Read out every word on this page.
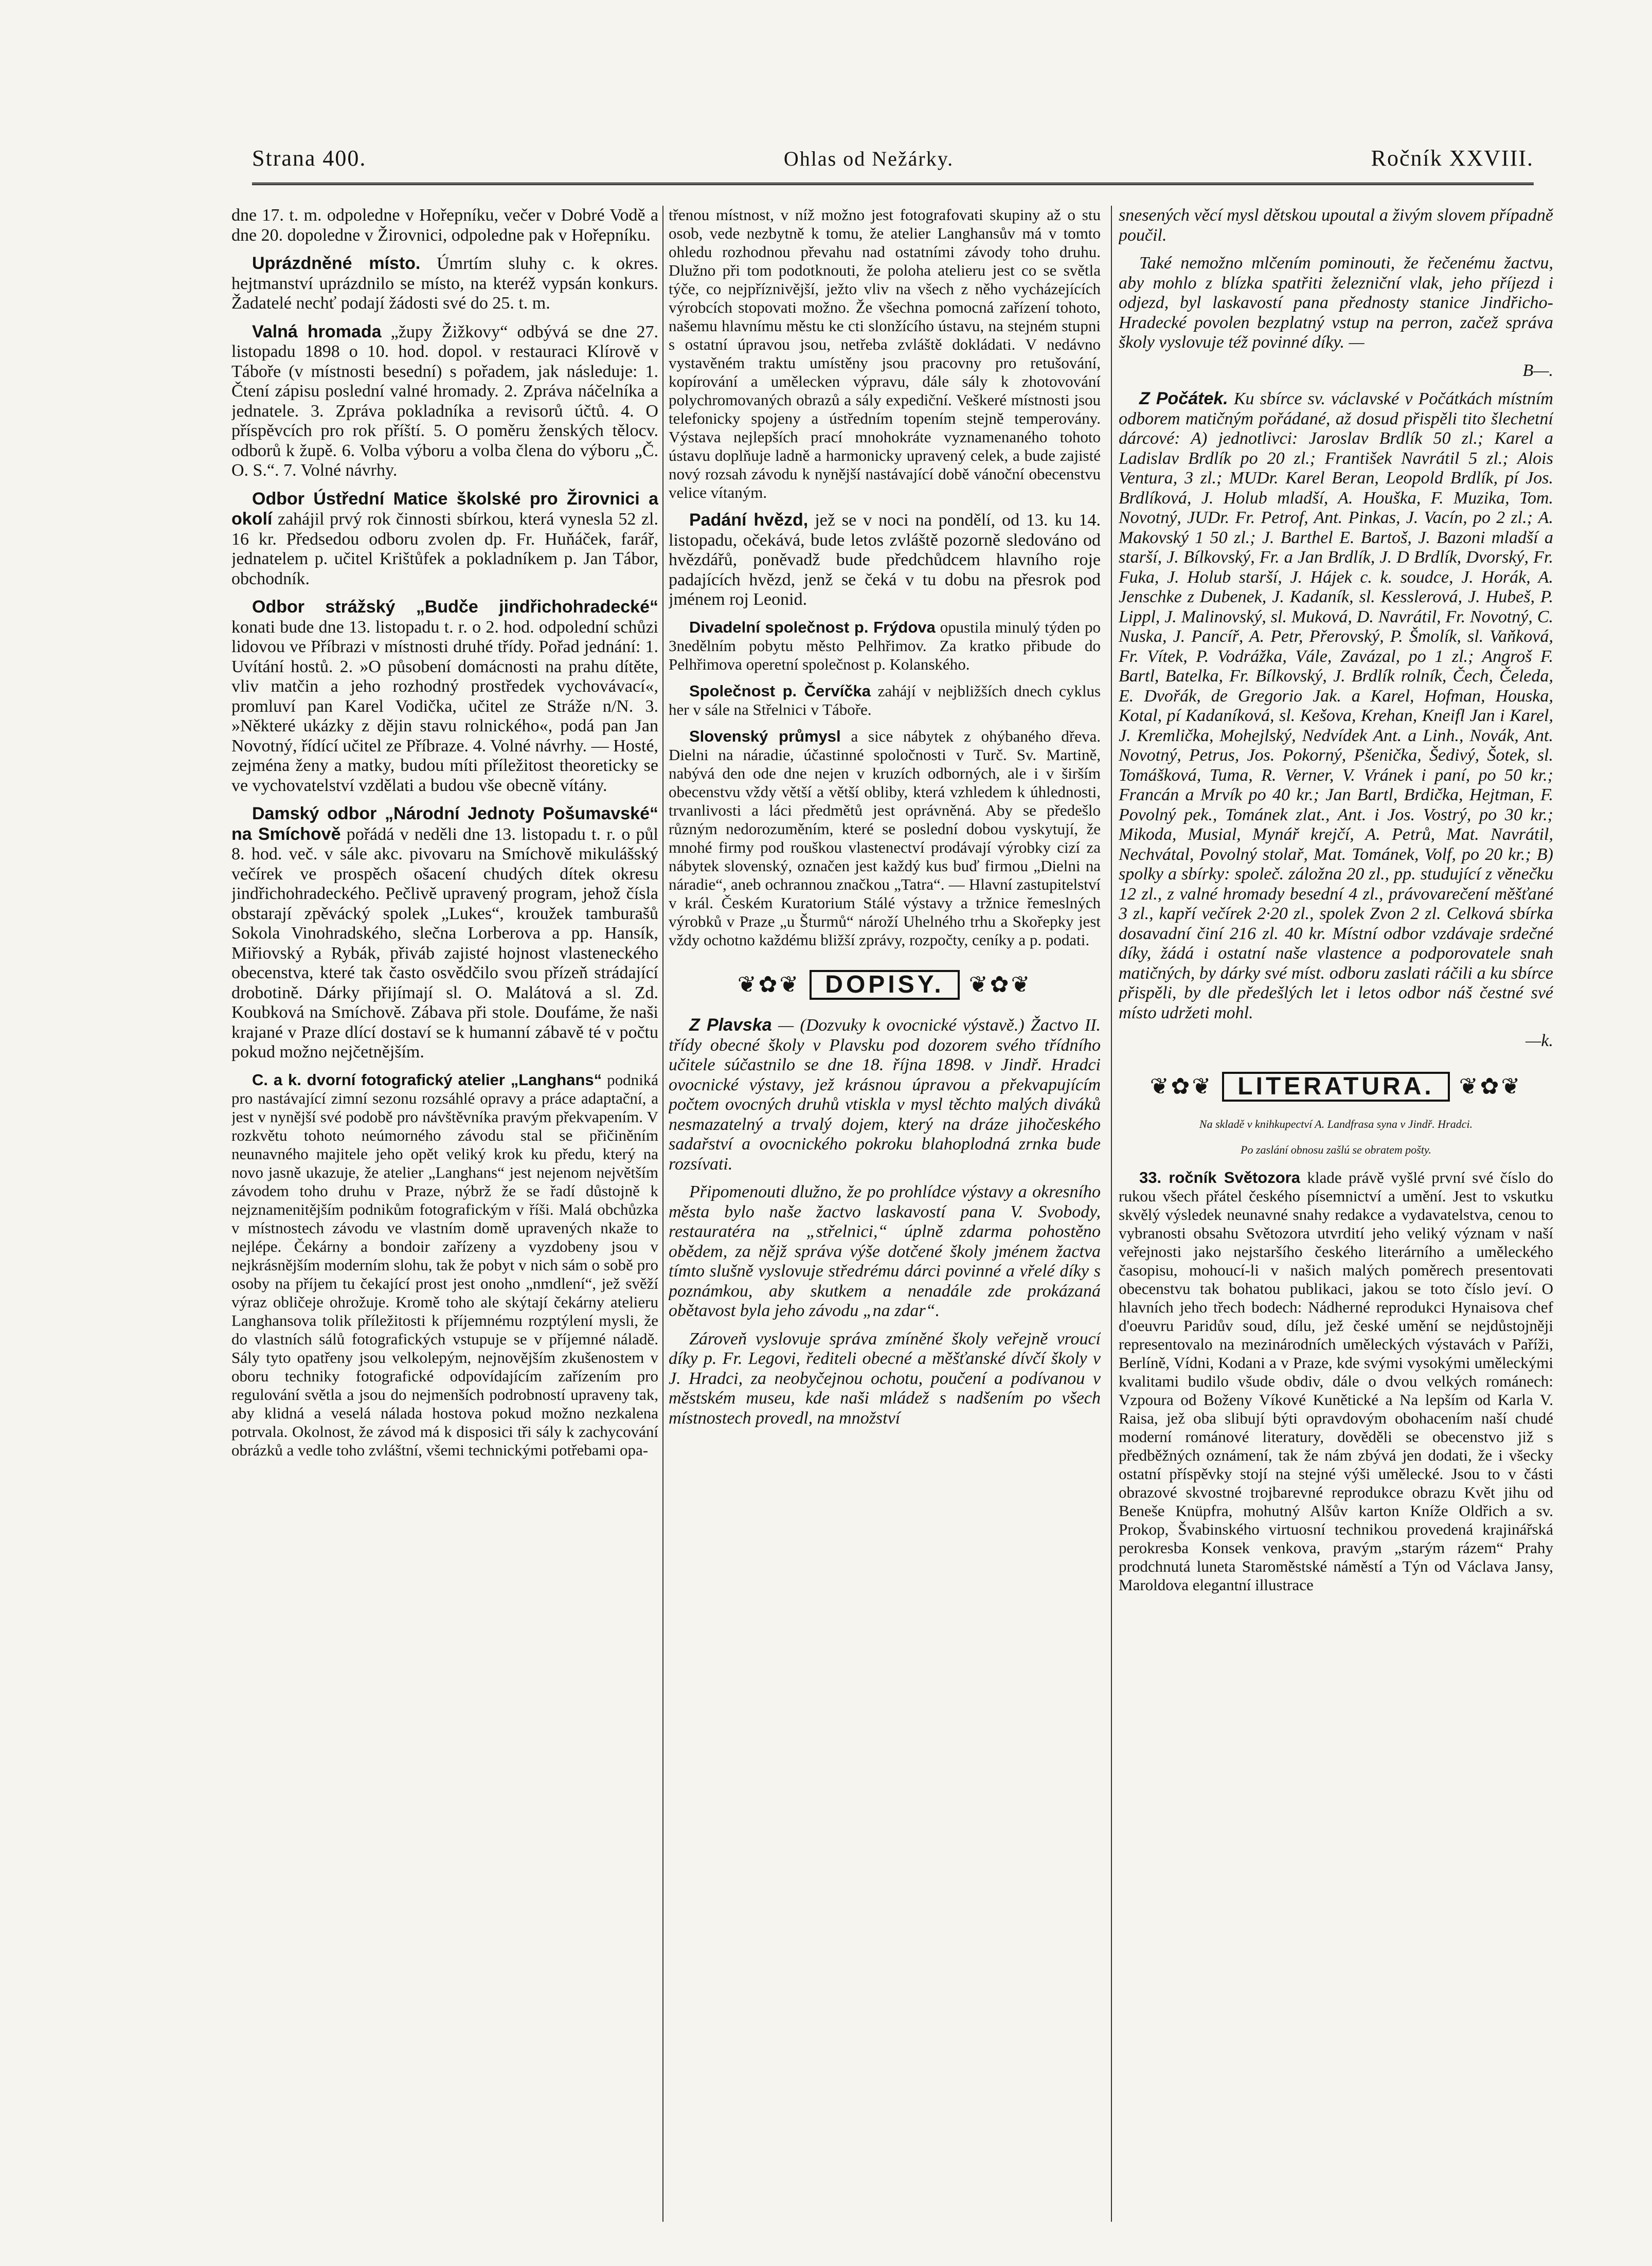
Strana 400.	Ohlas od Nežárky.	Ročník XXVIII.

dne 17. t. m. odpoledne v Hořepníku, večer v Dobré Vodě a dne 20. dopoledne v Žirovnici, odpoledne pak v Hořepníku.

Uprázdněné místo. Úmrtím sluhy c. k okres. hejtmanství uprázdnilo se místo, na kteréž vypsán konkurs. Žadatelé nechť podají žádosti své do 25. t. m.

Valná hromada „župy Žižkovy“ odbývá se dne 27. listopadu 1898 o 10. hod. dopol. v restauraci Klírově v Táboře (v místnosti besední) s pořadem, jak následuje: 1. Čtení zápisu poslední valné hromady. 2. Zpráva náčelníka a jednatele. 3. Zpráva pokladníka a revisorů účtů. 4. O příspěvcích pro rok příští. 5. O poměru ženských tělocv. odborů k župě. 6. Volba výboru a volba člena do výboru „Č. O. S.“. 7. Volné návrhy.

Odbor Ústřední Matice školské pro Žirovnici a okolí zahájil prvý rok činnosti sbírkou, která vynesla 52 zl. 16 kr. Předsedou odboru zvolen dp. Fr. Huňáček, farář, jednatelem p. učitel Krištůfek a pokladníkem p. Jan Tábor, obchodník.

Odbor strážský „Budče jindřichohradecké“ konati bude dne 13. listopadu t. r. o 2. hod. odpolední schůzi lidovou ve Příbrazi v místnosti druhé třídy. Pořad jednání: 1. Uvítání hostů. 2. »O působení domácnosti na prahu dítěte, vliv matčin a jeho rozhodný prostředek vychovávací«, promluví pan Karel Vodička, učitel ze Stráže n/N. 3. »Některé ukázky z dějin stavu rolnického«, podá pan Jan Novotný, řídící učitel ze Příbraze. 4. Volné návrhy. — Hosté, zejména ženy a matky, budou míti příležitost theoreticky se ve vychovatelství vzdělati a budou vše obecně vítány.

Damský odbor „Národní Jednoty Pošumavské“ na Smíchově pořádá v neděli dne 13. listopadu t. r. o půl 8. hod. več. v sále akc. pivovaru na Smíchově mikulášský večírek ve prospěch ošacení chudých dítek okresu jindřichohradeckého. Pečlivě upravený program, jehož čísla obstarají zpěvácký spolek „Lukes“, kroužek tamburašů Sokola Vinohradského, slečna Lorberova a pp. Hansík, Miřiovský a Rybák, přiváb zajisté hojnost vlasteneckého obecenstva, které tak často osvědčilo svou přízeň strádající drobotině. Dárky přijímají sl. O. Malátová a sl. Zd. Koubková na Smíchově. Zábava při stole. Doufáme, že naši krajané v Praze dlící dostaví se k humanní zábavě té v počtu pokud možno nejčetnějším.

C. a k. dvorní fotografický atelier „Langhans“ podniká pro nastávající zimní sezonu rozsáhlé opravy a práce adaptační, a jest v nynější své podobě pro návštěvníka pravým překvapením. V rozkvětu tohoto neúmorného závodu stal se přičiněním neunavného majitele jeho opět veliký krok ku předu, který na novo jasně ukazuje, že atelier „Langhans“ jest nejenom největším závodem toho druhu v Praze, nýbrž že se řadí důstojně k nejznamenitějším podnikům fotografickým v říši. Malá obchůzka v místnostech závodu ve vlastním domě upravených nkaže to nejlépe. Čekárny a bondoir zařízeny a vyzdobeny jsou v nejkrásnějším moderním slohu, tak že pobyt v nich sám o sobě pro osoby na příjem tu čekající prost jest onoho „nmdlení“, jež svěží výraz obličeje ohrožuje. Kromě toho ale skýtají čekárny atelieru Langhansova tolik příležitosti k příjemnému rozptýlení mysli, že do vlastních sálů fotografických vstupuje se v příjemné náladě. Sály tyto opatřeny jsou velkolepým, nejnovějším zkušenostem v oboru techniky fotografické odpovídajícím zařízením pro regulování světla a jsou do nejmenších podrobností upraveny tak, aby klidná a veselá nálada hostova pokud možno nezkalena potrvala. Okolnost, že závod má k disposici tři sály k zachycování obrázků a vedle toho zvláštní, všemi technickými potřebami opa-

třenou místnost, v níž možno jest fotografovati skupiny až o stu osob, vede nezbytně k tomu, že atelier Langhansův má v tomto ohledu rozhodnou převahu nad ostatními závody toho druhu. Dlužno při tom podotknouti, že poloha atelieru jest co se světla týče, co nejpříznivější, ježto vliv na všech z něho vycházejících výrobcích stopovati možno. Že všechna pomocná zařízení tohoto, našemu hlavnímu městu ke cti slonžícího ústavu, na stejném stupni s ostatní úpravou jsou, netřeba zvláště dokládati. V nedávno vystavěném traktu umístěny jsou pracovny pro retušování, kopírování a umělecken výpravu, dále sály k zhotovování polychromovaných obrazů a sály expediční. Veškeré místnosti jsou telefonicky spojeny a ústředním topením stejně temperovány. Výstava nejlepších prací mnohokráte vyznamenaného tohoto ústavu doplňuje ladně a harmonicky upravený celek, a bude zajisté nový rozsah závodu k nynější nastávající době vánoční obecenstvu velice vítaným.

Padání hvězd, jež se v noci na pondělí, od 13. ku 14. listopadu, očekává, bude letos zvláště pozorně sledováno od hvězdářů, poněvadž bude předchůdcem hlavního roje padajících hvězd, jenž se čeká v tu dobu na přesrok pod jménem roj Leonid.

Divadelní společnost p. Frýdova opustila minulý týden po 3nedělním pobytu město Pelhřimov. Za kratko přibude do Pelhřimova operetní společnost p. Kolanského.

Společnost p. Červíčka zahájí v nejbližších dnech cyklus her v sále na Střelnici v Táboře.

Slovenský průmysl a sice nábytek z ohýbaného dřeva. Dielni na náradie, účastinné spoločnosti v Turč. Sv. Martině, nabývá den ode dne nejen v kruzích odborných, ale i v širším obecenstvu vždy větší a větší obliby, která vzhledem k úhlednosti, trvanlivosti a láci předmětů jest oprávněná. Aby se předešlo různým nedorozuměním, které se poslední dobou vyskytují, že mnohé firmy pod rouškou vlastenectví prodávají výrobky cizí za nábytek slovenský, označen jest každý kus buď firmou „Dielni na náradie“, aneb ochrannou značkou „Tatra“. — Hlavní zastupitelství v král. Českém Kuratorium Stálé výstavy a tržnice řemeslných výrobků v Praze „u Šturmů“ nároží Uhelného trhu a Skořepky jest vždy ochotno každému bližší zprávy, rozpočty, ceníky a p. podati.

❦✿❦	DOPISY.	❦✿❦

Z Plavska — (Dozvuky k ovocnické výstavě.) Žactvo II. třídy obecné školy v Plavsku pod dozorem svého třídního učitele súčastnilo se dne 18. října 1898. v Jindř. Hradci ovocnické výstavy, jež krásnou úpravou a překvapujícím počtem ovocných druhů vtiskla v mysl těchto malých diváků nesmazatelný a trvalý dojem, který na dráze jihočeského sadařství a ovocnického pokroku blahoplodná zrnka bude rozsívati.

Připomenouti dlužno, že po prohlídce výstavy a okresního města bylo naše žactvo laskavostí pana V. Svobody, restauratéra na „střelnici,“ úplně zdarma pohostěno obědem, za nějž správa výše dotčené školy jménem žactva tímto slušně vyslovuje středrému dárci povinné a vřelé díky s poznámkou, aby skutkem a nenadále zde prokázaná obětavost byla jeho závodu „na zdar“.

Zároveň vyslovuje správa zmíněné školy veřejně vroucí díky p. Fr. Legovi, řediteli obecné a měšťanské dívčí školy v J. Hradci, za neobyčejnou ochotu, poučení a podívanou v městském museu, kde naši mládež s nadšením po všech místnostech provedl, na množství

snesených věcí mysl dětskou upoutal a živým slovem případně poučil.

Také nemožno mlčením pominouti, že řečenému žactvu, aby mohlo z blízka spatřiti železniční vlak, jeho příjezd i odjezd, byl laskavostí pana přednosty stanice Jindřicho-Hradecké povolen bezplatný vstup na perron, začež správa školy vyslovuje též povinné díky. —

B—.

Z Počátek. Ku sbírce sv. václavské v Počátkách místním odborem matičným pořádané, až dosud přispěli tito šlechetní dárcové: A) jednotlivci: Jaroslav Brdlík 50 zl.; Karel a Ladislav Brdlík po 20 zl.; František Navrátil 5 zl.; Alois Ventura, 3 zl.; MUDr. Karel Beran, Leopold Brdlík, pí Jos. Brdlíková, J. Holub mladší, A. Houška, F. Muzika, Tom. Novotný, JUDr. Fr. Petrof, Ant. Pinkas, J. Vacín, po 2 zl.; A. Makovský 1 50 zl.; J. Barthel E. Bartoš, J. Bazoni mladší a starší, J. Bílkovský, Fr. a Jan Brdlík, J. D Brdlík, Dvorský, Fr. Fuka, J. Holub starší, J. Hájek c. k. soudce, J. Horák, A. Jenschke z Dubenek, J. Kadaník, sl. Kesslerová, J. Hubeš, P. Lippl, J. Malinovský, sl. Muková, D. Navrátil, Fr. Novotný, C. Nuska, J. Pancíř, A. Petr, Přerovský, P. Šmolík, sl. Vaňková, Fr. Vítek, P. Vodrážka, Vále, Zavázal, po 1 zl.; Angroš F. Bartl, Batelka, Fr. Bílkovský, J. Brdlík rolník, Čech, Čeleda, E. Dvořák, de Gregorio Jak. a Karel, Hofman, Houska, Kotal, pí Kadaníková, sl. Kešova, Krehan, Kneifl Jan i Karel, J. Kremlička, Mohejlský, Nedvídek Ant. a Linh., Novák, Ant. Novotný, Petrus, Jos. Pokorný, Pšenička, Šedivý, Šotek, sl. Tomášková, Tuma, R. Verner, V. Vránek i paní, po 50 kr.; Francán a Mrvík po 40 kr.; Jan Bartl, Brdička, Hejtman, F. Povolný pek., Tománek zlat., Ant. i Jos. Vostrý, po 30 kr.; Mikoda, Musial, Mynář krejčí, A. Petrů, Mat. Navrátil, Nechvátal, Povolný stolař, Mat. Tománek, Volf, po 20 kr.; B) spolky a sbírky: společ. záložna 20 zl., pp. studující z věnečku 12 zl., z valné hromady besední 4 zl., právovarečení měšťané 3 zl., kapří večírek 2·20 zl., spolek Zvon 2 zl. Celková sbírka dosavadní činí 216 zl. 40 kr. Místní odbor vzdávaje srdečné díky, žádá i ostatní naše vlastence a podporovatele snah matičných, by dárky své míst. odboru zaslati ráčili a ku sbírce přispěli, by dle předešlých let i letos odbor náš čestné své místo udržeti mohl.

—k.

❦✿❦	LITERATURA.	❦✿❦

Na skladě v knihkupectví A. Landfrasa syna v Jindř. Hradci.

Po zaslání obnosu zašlú se obratem pošty.

33. ročník Světozora klade právě vyšlé první své číslo do rukou všech přátel českého písemnictví a umění. Jest to vskutku skvělý výsledek neunavné snahy redakce a vydavatelstva, cenou to vybranosti obsahu Světozora utvrdití jeho veliký význam v naší veřejnosti jako nejstaršího českého literárního a uměleckého časopisu, mohoucí-li v našich malých poměrech presentovati obecenstvu tak bohatou publikaci, jakou se toto číslo jeví. O hlavních jeho třech bodech: Nádherné reprodukci Hynaisova chef d'oeuvru Paridův soud, dílu, jež české umění se nejdůstojněji representovalo na mezinárodních uměleckých výstavách v Paříži, Berlíně, Vídni, Kodani a v Praze, kde svými vysokými uměleckými kvalitami budilo všude obdiv, dále o dvou velkých románech: Vzpoura od Boženy Víkové Kunětické a Na lepším od Karla V. Raisa, jež oba slibují býti opravdovým obohacením naší chudé moderní románové literatury, dověděli se obecenstvo již s předběžných oznámení, tak že nám zbývá jen dodati, že i všecky ostatní příspěvky stojí na stejné výši umělecké. Jsou to v části obrazové skvostné trojbarevné reprodukce obrazu Květ jihu od Beneše Knüpfra, mohutný Alšův karton Kníže Oldřich a sv. Prokop, Švabinského virtuosní technikou provedená krajinářská perokresba Konsek venkova, pravým „starým rázem“ Prahy prodchnutá luneta Staroměstské náměstí a Týn od Václava Jansy, Maroldova elegantní illustrace
